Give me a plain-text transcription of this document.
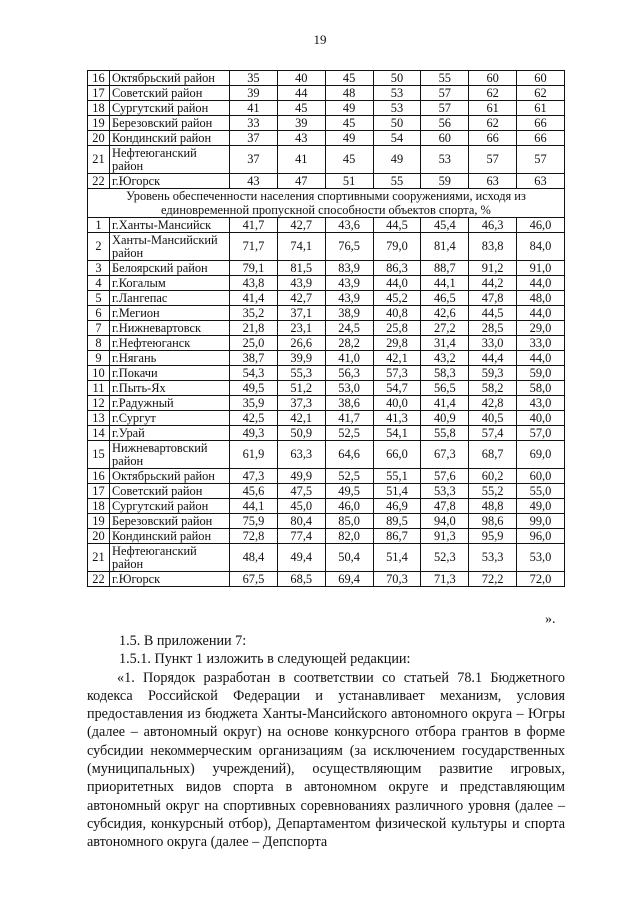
19
16	Октябрьский район	35	40	45	50	55	60	60
17	Советский район	39	44	48	53	57	62	62
18	Сургутский район	41	45	49	53	57	61	61
19	Березовский район	33	39	45	50	56	62	66
20	Кондинский район	37	43	49	54	60	66	66
21	Нефтеюганский район	37	41	45	49	53	57	57
22	г.Югорск	43	47	51	55	59	63	63
Уровень обеспеченности населения спортивными сооружениями, исходя из единовременной пропускной способности объектов спорта, %								
1	г.Ханты-Мансийск	41,7	42,7	43,6	44,5	45,4	46,3	46,0
2	Ханты-Мансийский район	71,7	74,1	76,5	79,0	81,4	83,8	84,0
3	Белоярский район	79,1	81,5	83,9	86,3	88,7	91,2	91,0
4	г.Когалым	43,8	43,9	43,9	44,0	44,1	44,2	44,0
5	г.Лангепас	41,4	42,7	43,9	45,2	46,5	47,8	48,0
6	г.Мегион	35,2	37,1	38,9	40,8	42,6	44,5	44,0
7	г.Нижневартовск	21,8	23,1	24,5	25,8	27,2	28,5	29,0
8	г.Нефтеюганск	25,0	26,6	28,2	29,8	31,4	33,0	33,0
9	г.Нягань	38,7	39,9	41,0	42,1	43,2	44,4	44,0
10	г.Покачи	54,3	55,3	56,3	57,3	58,3	59,3	59,0
11	г.Пыть-Ях	49,5	51,2	53,0	54,7	56,5	58,2	58,0
12	г.Радужный	35,9	37,3	38,6	40,0	41,4	42,8	43,0
13	г.Сургут	42,5	42,1	41,7	41,3	40,9	40,5	40,0
14	г.Урай	49,3	50,9	52,5	54,1	55,8	57,4	57,0
15	Нижневартовский район	61,9	63,3	64,6	66,0	67,3	68,7	69,0
16	Октябрьский район	47,3	49,9	52,5	55,1	57,6	60,2	60,0
17	Советский район	45,6	47,5	49,5	51,4	53,3	55,2	55,0
18	Сургутский район	44,1	45,0	46,0	46,9	47,8	48,8	49,0
19	Березовский район	75,9	80,4	85,0	89,5	94,0	98,6	99,0
20	Кондинский район	72,8	77,4	82,0	86,7	91,3	95,9	96,0
21	Нефтеюганский район	48,4	49,4	50,4	51,4	52,3	53,3	53,0
22	г.Югорск	67,5	68,5	69,4	70,3	71,3	72,2	72,0
».

1.5. В приложении 7:

1.5.1. Пункт 1 изложить в следующей редакции:

«1. Порядок разработан в соответствии со статьей 78.1 Бюджетного кодекса Российской Федерации и устанавливает механизм, условия предоставления из бюджета Ханты-Мансийского автономного округа – Югры (далее – автономный округ) на основе конкурсного отбора грантов в форме субсидии некоммерческим организациям (за исключением государственных (муниципальных) учреждений), осуществляющим развитие игровых, приоритетных видов спорта в автономном округе и представляющим автономный округ на спортивных соревнованиях различного уровня (далее – субсидия, конкурсный отбор), Департаментом физической культуры и спорта автономного округа (далее – Депспорта
